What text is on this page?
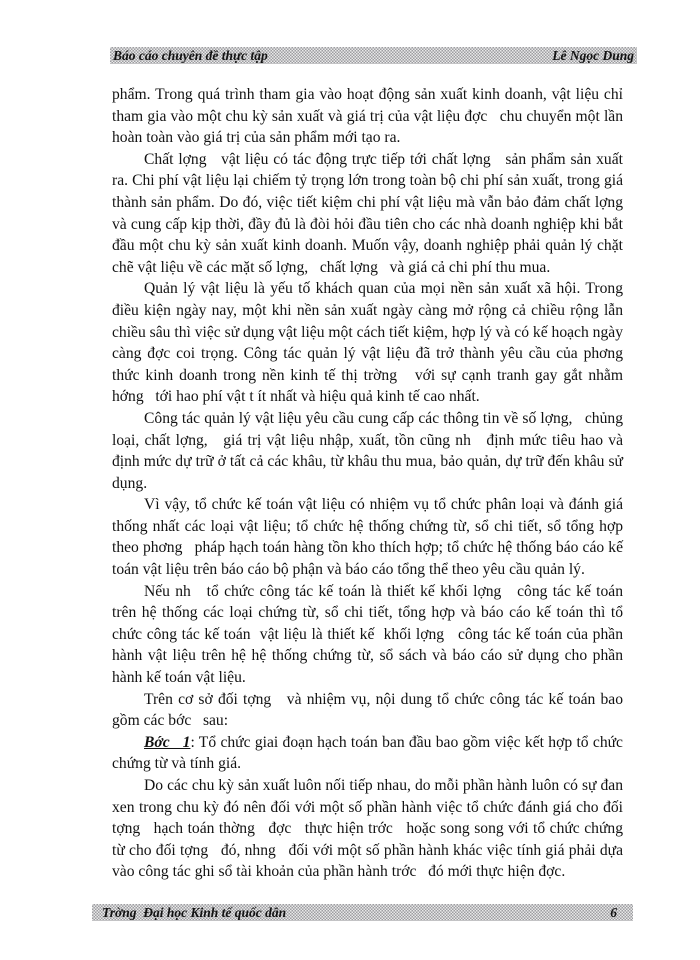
Báo cáo chuyên đề thực tập	Lê Ngọc Dung

phẩm. Trong quá trình tham gia vào hoạt động sản xuất kinh doanh, vật liệu chỉ tham gia vào một chu kỳ sản xuất và giá trị của vật liệu đợc   chu chuyển một lần hoàn toàn vào giá trị của sản phẩm mới tạo ra.

Chất lợng   vật liệu có tác động trực tiếp tới chất lợng   sản phẩm sản xuất ra. Chi phí vật liệu lại chiếm tỷ trọng lớn trong toàn bộ chi phí sản xuất, trong giá thành sản phẩm. Do đó, việc tiết kiệm chi phí vật liệu mà vẫn bảo đảm chất lợng   và cung cấp kịp thời, đầy đủ là đòi hỏi đầu tiên cho các nhà doanh nghiệp khi bắt đầu một chu kỳ sản xuất kinh doanh. Muốn vậy, doanh nghiệp phải quản lý chặt chẽ vật liệu về các mặt số lợng,   chất lợng   và giá cả chi phí thu mua.

Quản lý vật liệu là yếu tố khách quan của mọi nền sản xuất xã hội. Trong điều kiện ngày nay, một khi nền sản xuất ngày càng mở rộng cả chiều rộng lẫn chiều sâu thì việc sử dụng vật liệu một cách tiết kiệm, hợp lý và có kế hoạch ngày càng đợc coi trọng. Công tác quản lý vật liệu đã trở thành yêu cầu của phơng   thức kinh doanh trong nền kinh tế thị trờng   với sự cạnh tranh gay gắt nhằm hớng   tới hao phí vật t ít nhất và hiệu quả kinh tế cao nhất.

Công tác quản lý vật liệu yêu cầu cung cấp các thông tin về số lợng,   chủng loại, chất lợng,   giá trị vật liệu nhập, xuất, tồn cũng nh   định mức tiêu hao và định mức dự trữ ở tất cả các khâu, từ khâu thu mua, bảo quản, dự trữ đến khâu sử dụng.

Vì vậy, tổ chức kế toán vật liệu có nhiệm vụ tổ chức phân loại và đánh giá thống nhất các loại vật liệu; tổ chức hệ thống chứng từ, sổ chi tiết, sổ tổng hợp theo phơng   pháp hạch toán hàng tồn kho thích hợp; tổ chức hệ thống báo cáo kế toán vật liệu trên báo cáo bộ phận và báo cáo tổng thể theo yêu cầu quản lý.

Nếu nh   tổ chức công tác kế toán là thiết kế khối lợng   công tác kế toán trên hệ thống các loại chứng từ, sổ chi tiết, tổng hợp và báo cáo kế toán thì tổ chức công tác kế toán  vật liệu là thiết kế  khối lợng   công tác kế toán của phần hành vật liệu trên hệ hệ thống chứng từ, sổ sách và báo cáo sử dụng cho phần hành kế toán vật liệu.

Trên cơ sở đối tợng   và nhiệm vụ, nội dung tổ chức công tác kế toán bao gồm các bớc   sau:

Bớc   1: Tổ chức giai đoạn hạch toán ban đầu bao gồm việc kết hợp tổ chức chứng từ và tính giá.

Do các chu kỳ sản xuất luôn nối tiếp nhau, do mỗi phần hành luôn có sự đan xen trong chu kỳ đó nên đối với một số phần hành việc tổ chức đánh giá cho đối tợng   hạch toán thờng   đợc   thực hiện trớc   hoặc song song với tổ chức chứng từ cho đối tợng   đó, nhng   đối với một số phần hành khác việc tính giá phải dựa vào công tác ghi sổ tài khoản của phần hành trớc   đó mới thực hiện đợc.

Trờng  Đại học Kinh tế quốc dân	6
